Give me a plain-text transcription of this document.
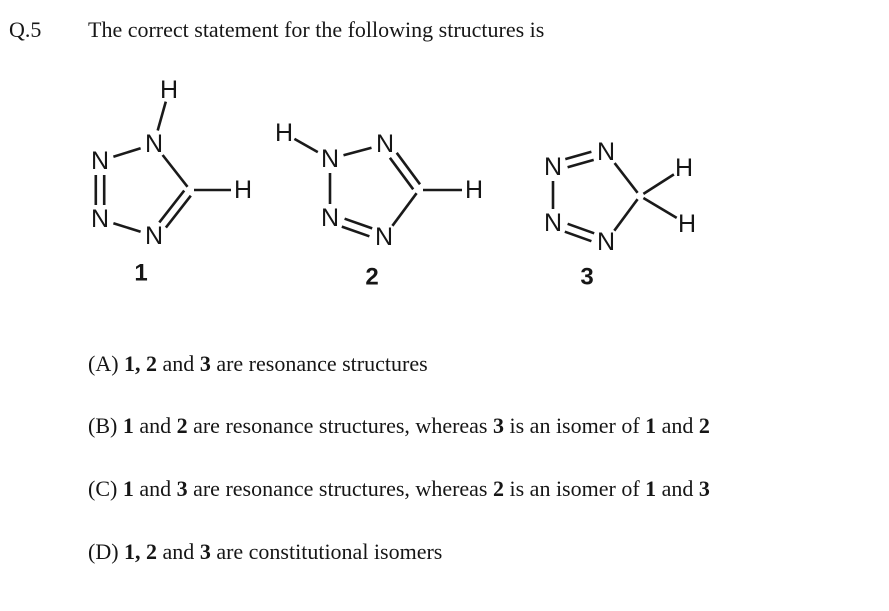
Q.5 The correct statement for the following structures is
H
N
N
N
N
H
1
H
N
N
H
N
N
2
N
N
N
N
H
H
3
(A) 1, 2 and 3 are resonance structures
(B) 1 and 2 are resonance structures, whereas 3 is an isomer of 1 and 2
(C) 1 and 3 are resonance structures, whereas 2 is an isomer of 1 and 3
(D) 1, 2 and 3 are constitutional isomers
